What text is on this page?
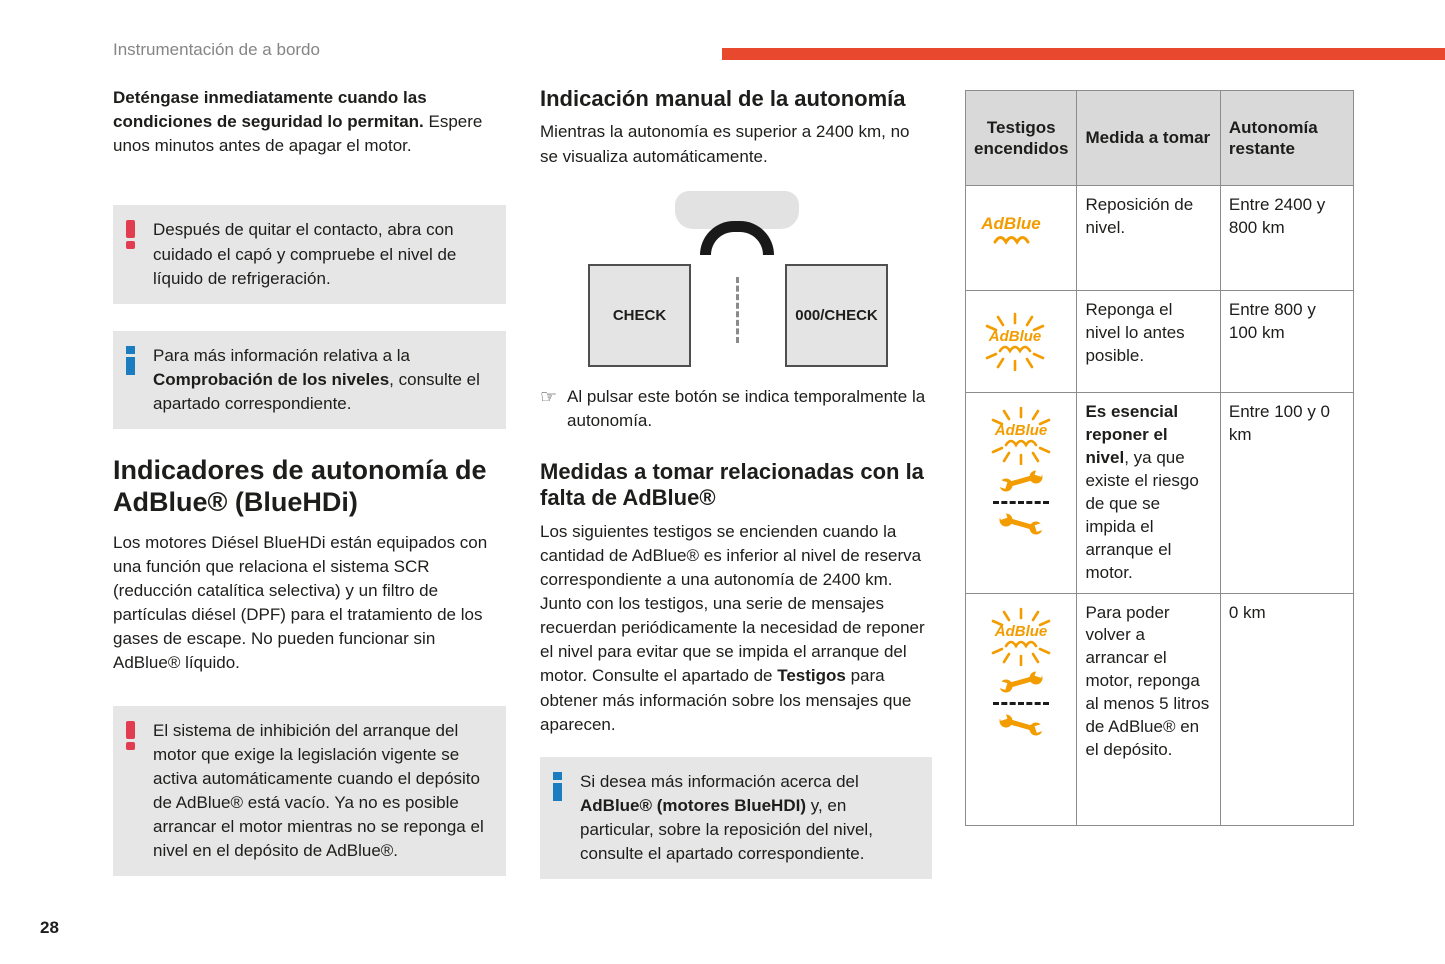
Instrumentación de a bordo
28

Deténgase inmediatamente cuando las condiciones de seguridad lo permitan. Espere unos minutos antes de apagar el motor.

Después de quitar el contacto, abra con cuidado el capó y compruebe el nivel de líquido de refrigeración.

Para más información relativa a la Comprobación de los niveles, consulte el apartado correspondiente.

Indicadores de autonomía de AdBlue® (BlueHDi)

Los motores Diésel BlueHDi están equipados con una función que relaciona el sistema SCR (reducción catalítica selectiva) y un filtro de partículas diésel (DPF) para el tratamiento de los gases de escape. No pueden funcionar sin AdBlue® líquido.

El sistema de inhibición del arranque del motor que exige la legislación vigente se activa automáticamente cuando el depósito de AdBlue® está vacío. Ya no es posible arrancar el motor mientras no se reponga el nivel en el depósito de AdBlue®.

Indicación manual de la autonomía

Mientras la autonomía es superior a 2400 km, no se visualiza automáticamente.

CHECK	000/CHECK
☞ Al pulsar este botón se indica temporalmente la autonomía.

Medidas a tomar relacionadas con la falta de AdBlue®

Los siguientes testigos se encienden cuando la cantidad de AdBlue® es inferior al nivel de reserva correspondiente a una autonomía de 2400 km.

Junto con los testigos, una serie de mensajes recuerdan periódicamente la necesidad de reponer el nivel para evitar que se impida el arranque del motor. Consulte el apartado de Testigos para obtener más información sobre los mensajes que aparecen.

Si desea más información acerca del AdBlue® (motores BlueHDI) y, en particular, sobre la reposición del nivel, consulte el apartado correspondiente.

Testigos encendidos	Medida a tomar	Autonomía restante

AdBlue	Reposición de nivel.	Entre 2400 y 800 km

AdBlue	Reponga el nivel lo antes posible.	Entre 800 y 100 km

AdBlue	Es esencial reponer el nivel, ya que existe el riesgo de que se impida el arranque el motor.	Entre 100 y 0 km

AdBlue	Para poder volver a arrancar el motor, reponga al menos 5 litros de AdBlue® en el depósito.	0 km
